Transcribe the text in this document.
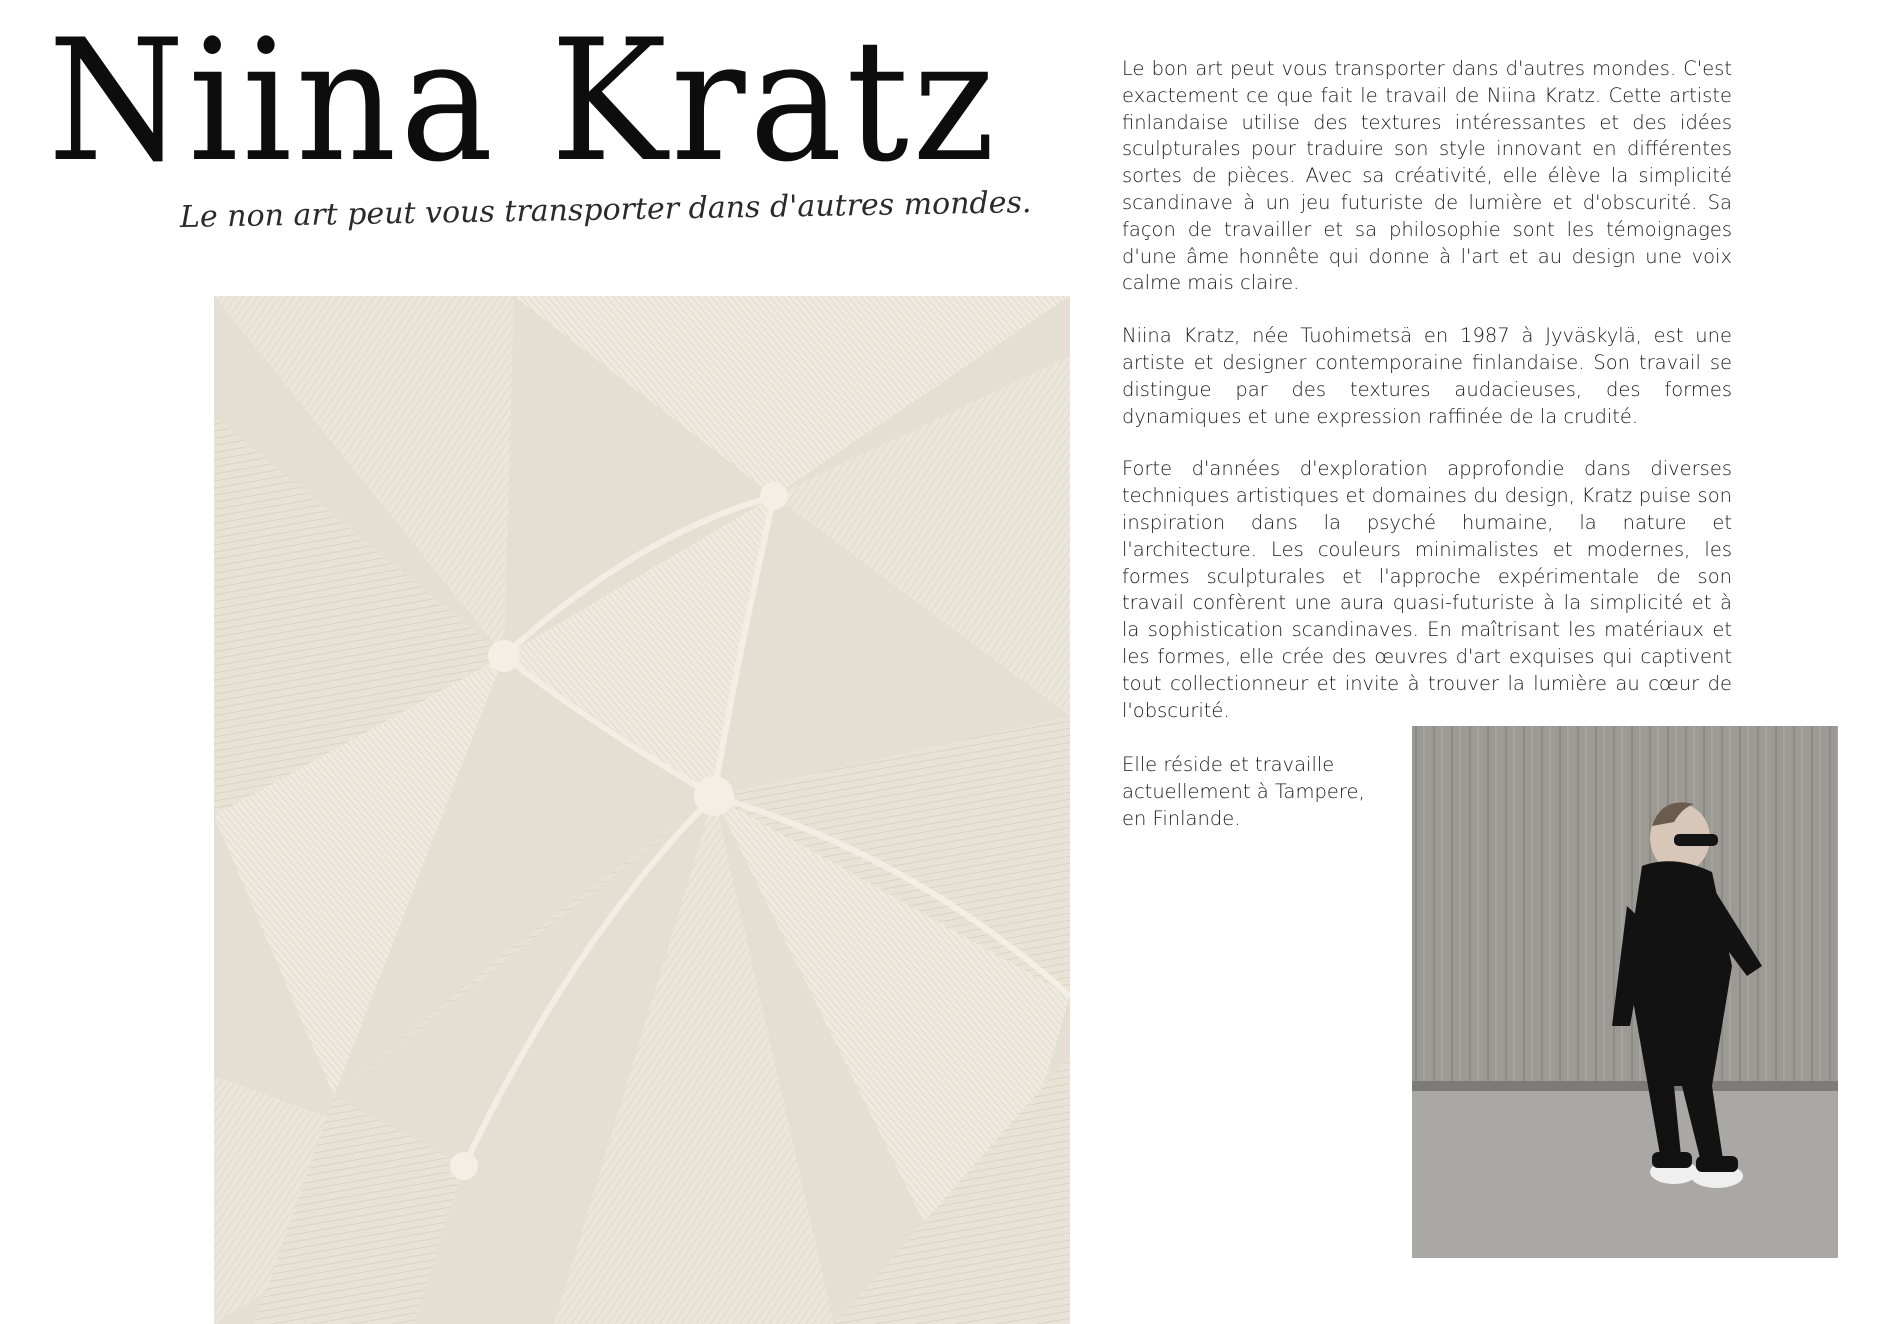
Niina Kratz
Le non art peut vous transporter dans d'autres mondes.

Le bon art peut vous transporter dans d'autres mondes. C'est exactement ce que fait le travail de Niina Kratz. Cette artiste finlandaise utilise des textures intéressantes et des idées sculpturales pour traduire son style innovant en différentes sortes de pièces. Avec sa créativité, elle élève la simplicité scandinave à un jeu futuriste de lumière et d'obscurité. Sa façon de travailler et sa philosophie sont les témoignages d'une âme honnête qui donne à l'art et au design une voix calme mais claire.

Niina Kratz, née Tuohimetsä en 1987 à Jyväskylä, est une artiste et designer contemporaine finlandaise. Son travail se distingue par des textures audacieuses, des formes dynamiques et une expression raffinée de la crudité.

Forte d'années d'exploration approfondie dans diverses techniques artistiques et domaines du design, Kratz puise son inspiration dans la psyché humaine, la nature et l'architecture. Les couleurs minimalistes et modernes, les formes sculpturales et l'approche expérimentale de son travail confèrent une aura quasi-futuriste à la simplicité et à la sophistication scandinaves. En maîtrisant les matériaux et les formes, elle crée des œuvres d'art exquises qui captivent tout collectionneur et invite à trouver la lumière au cœur de l'obscurité.

Elle réside et travaille actuellement à Tampere, en Finlande.
